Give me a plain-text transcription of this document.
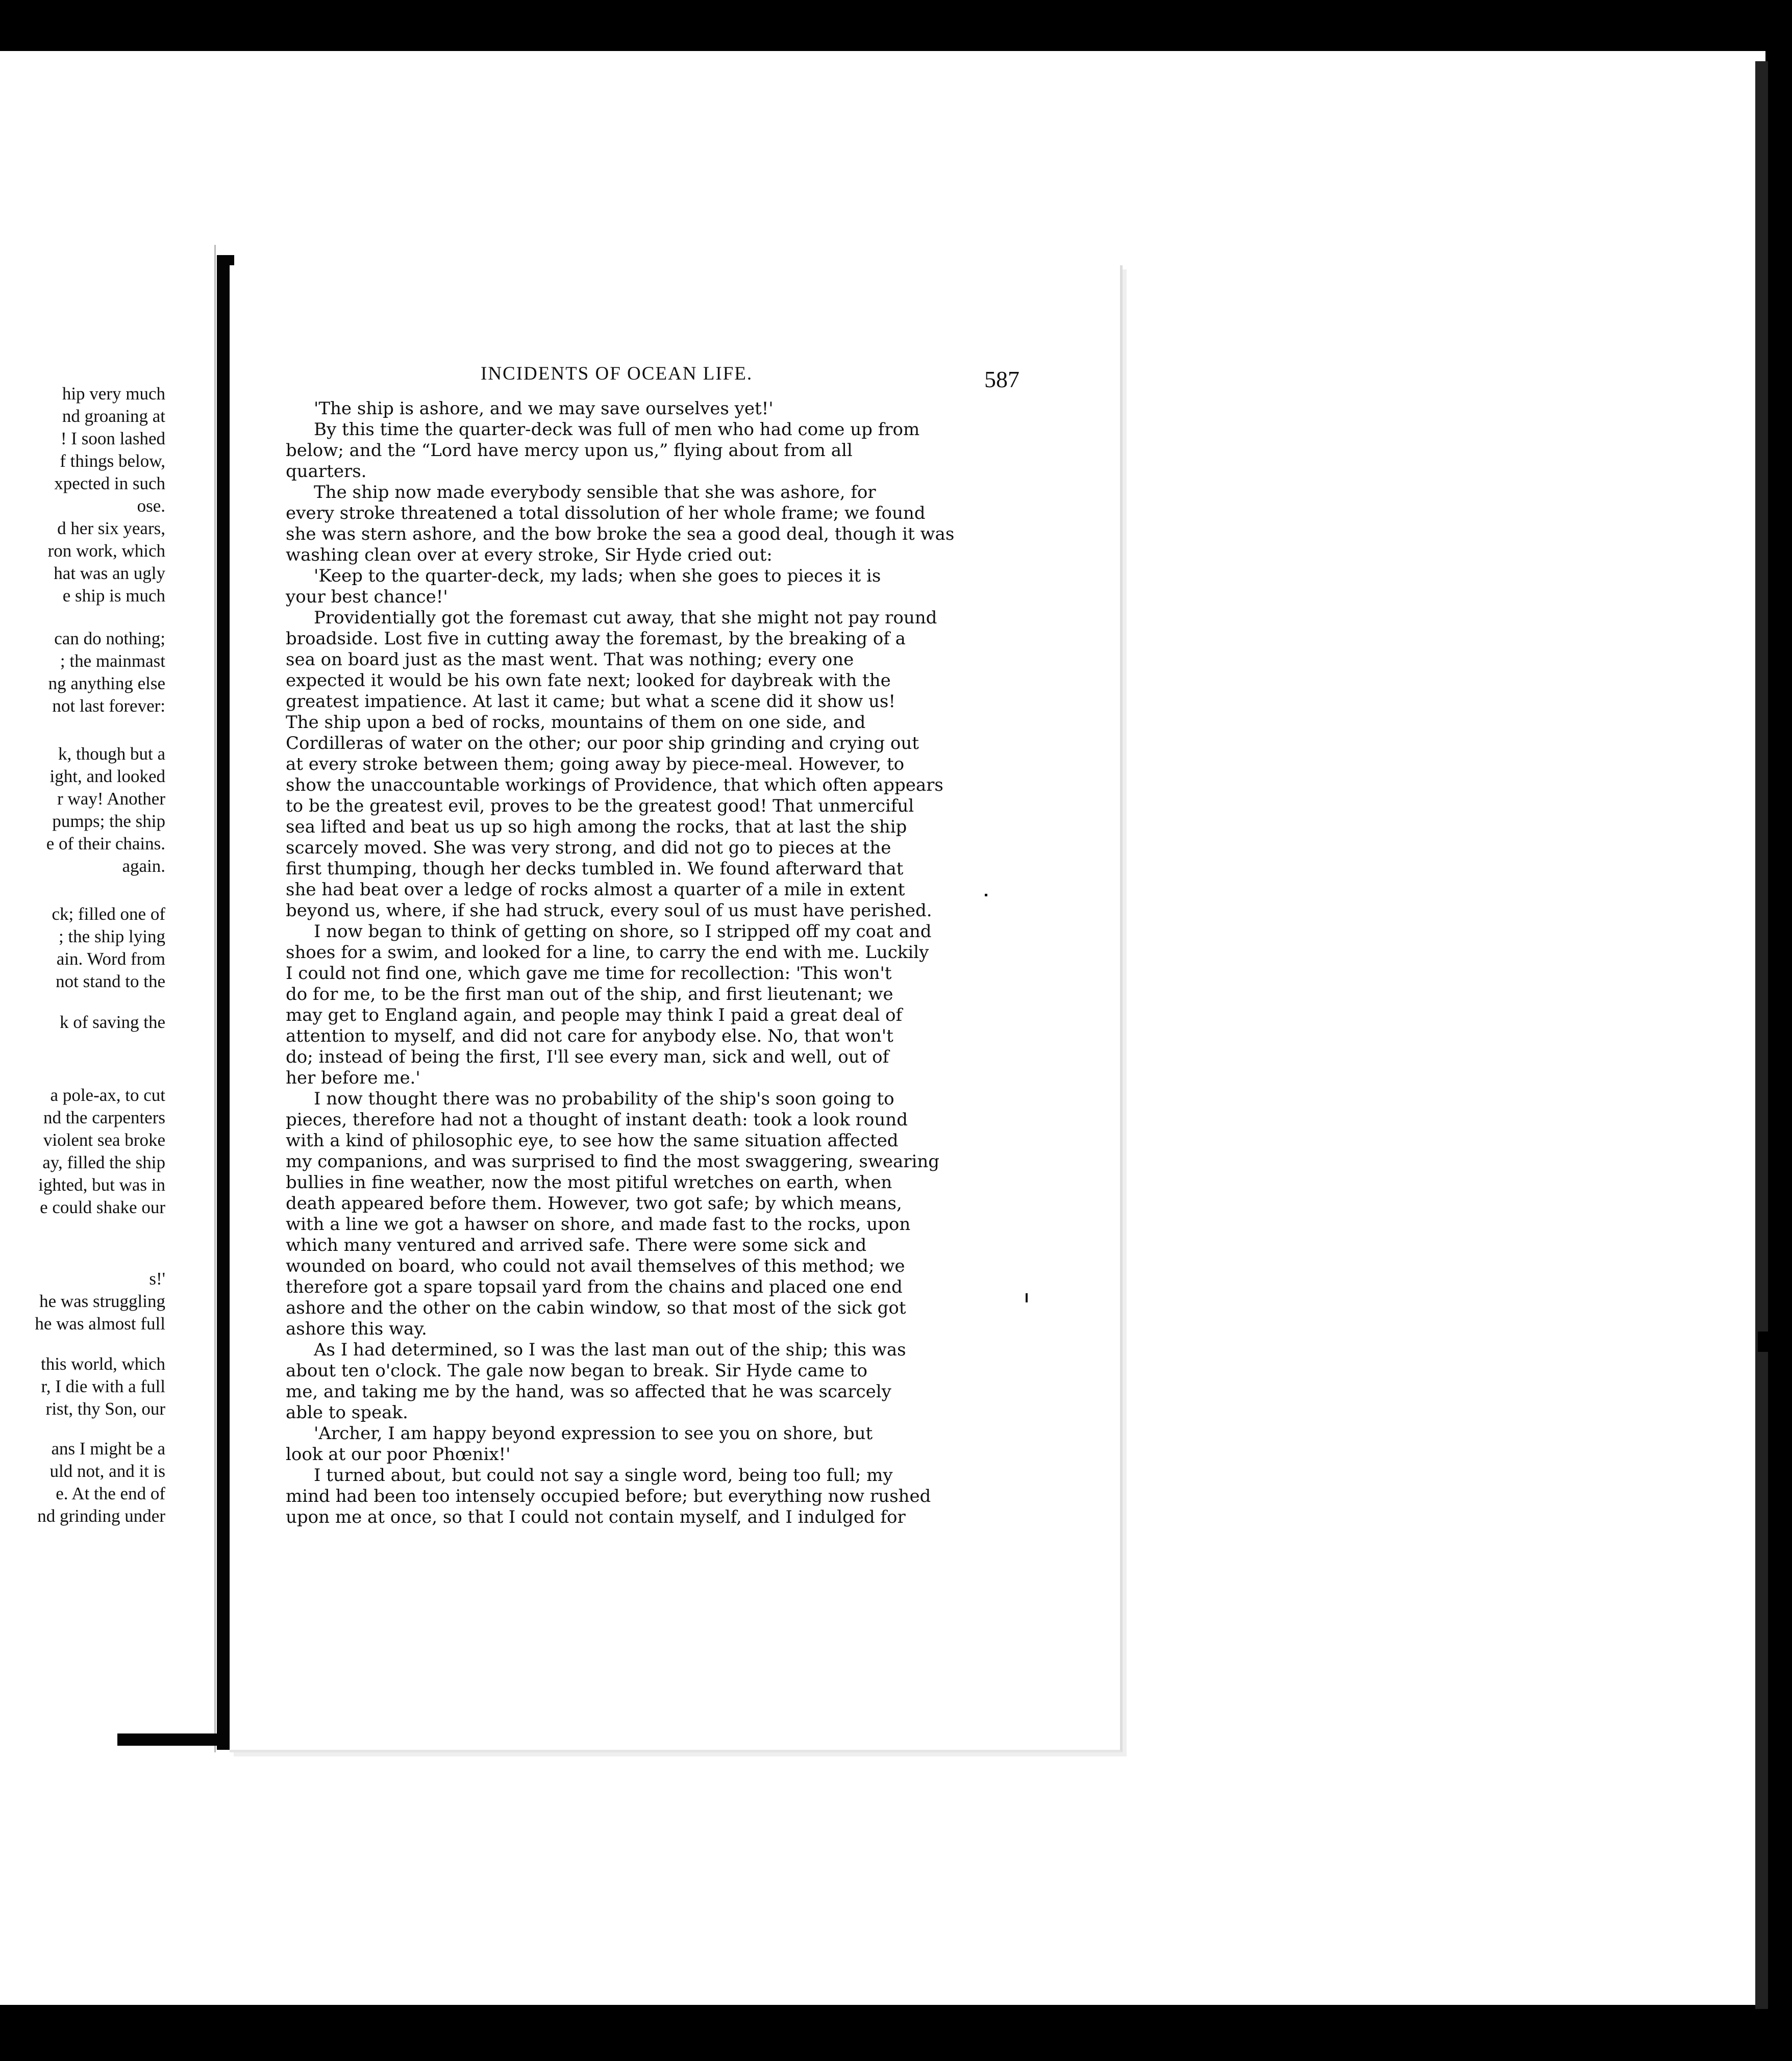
hip very much
nd groaning at
! I soon lashed
f things below,
xpected in such
ose.
d her six years,
ron work, which
hat was an ugly
e ship is much
can do nothing;
; the mainmast
ng anything else
not last forever:
k, though but a
ight, and looked
r way! Another
pumps; the ship
e of their chains.
again.
ck; filled one of
; the ship lying
ain. Word from
not stand to the
k of saving the
a pole-ax, to cut
nd the carpenters
violent sea broke
ay, filled the ship
ighted, but was in
e could shake our
s!'
he was struggling
he was almost full
this world, which
r, I die with a full
rist, thy Son, our
ans I might be a
uld not, and it is
e. At the end of
nd grinding under
INCIDENTS OF OCEAN LIFE.	587
'The ship is ashore, and we may save ourselves yet!'
By this time the quarter-deck was full of men who had come up from
below; and the “Lord have mercy upon us,” flying about from all
quarters.
The ship now made everybody sensible that she was ashore, for
every stroke threatened a total dissolution of her whole frame; we found
she was stern ashore, and the bow broke the sea a good deal, though it was
washing clean over at every stroke, Sir Hyde cried out:
'Keep to the quarter-deck, my lads; when she goes to pieces it is
your best chance!'
Providentially got the foremast cut away, that she might not pay round
broadside. Lost five in cutting away the foremast, by the breaking of a
sea on board just as the mast went. That was nothing; every one
expected it would be his own fate next; looked for daybreak with the
greatest impatience. At last it came; but what a scene did it show us!
The ship upon a bed of rocks, mountains of them on one side, and
Cordilleras of water on the other; our poor ship grinding and crying out
at every stroke between them; going away by piece-meal. However, to
show the unaccountable workings of Providence, that which often appears
to be the greatest evil, proves to be the greatest good! That unmerciful
sea lifted and beat us up so high among the rocks, that at last the ship
scarcely moved. She was very strong, and did not go to pieces at the
first thumping, though her decks tumbled in. We found afterward that
she had beat over a ledge of rocks almost a quarter of a mile in extent
beyond us, where, if she had struck, every soul of us must have perished.
I now began to think of getting on shore, so I stripped off my coat and
shoes for a swim, and looked for a line, to carry the end with me. Luckily
I could not find one, which gave me time for recollection: 'This won't
do for me, to be the first man out of the ship, and first lieutenant; we
may get to England again, and people may think I paid a great deal of
attention to myself, and did not care for anybody else. No, that won't
do; instead of being the first, I'll see every man, sick and well, out of
her before me.'
I now thought there was no probability of the ship's soon going to
pieces, therefore had not a thought of instant death: took a look round
with a kind of philosophic eye, to see how the same situation affected
my companions, and was surprised to find the most swaggering, swearing
bullies in fine weather, now the most pitiful wretches on earth, when
death appeared before them. However, two got safe; by which means,
with a line we got a hawser on shore, and made fast to the rocks, upon
which many ventured and arrived safe. There were some sick and
wounded on board, who could not avail themselves of this method; we
therefore got a spare topsail yard from the chains and placed one end
ashore and the other on the cabin window, so that most of the sick got
ashore this way.
As I had determined, so I was the last man out of the ship; this was
about ten o'clock. The gale now began to break. Sir Hyde came to
me, and taking me by the hand, was so affected that he was scarcely
able to speak.
'Archer, I am happy beyond expression to see you on shore, but
look at our poor Phœnix!'
I turned about, but could not say a single word, being too full; my
mind had been too intensely occupied before; but everything now rushed
upon me at once, so that I could not contain myself, and I indulged for
